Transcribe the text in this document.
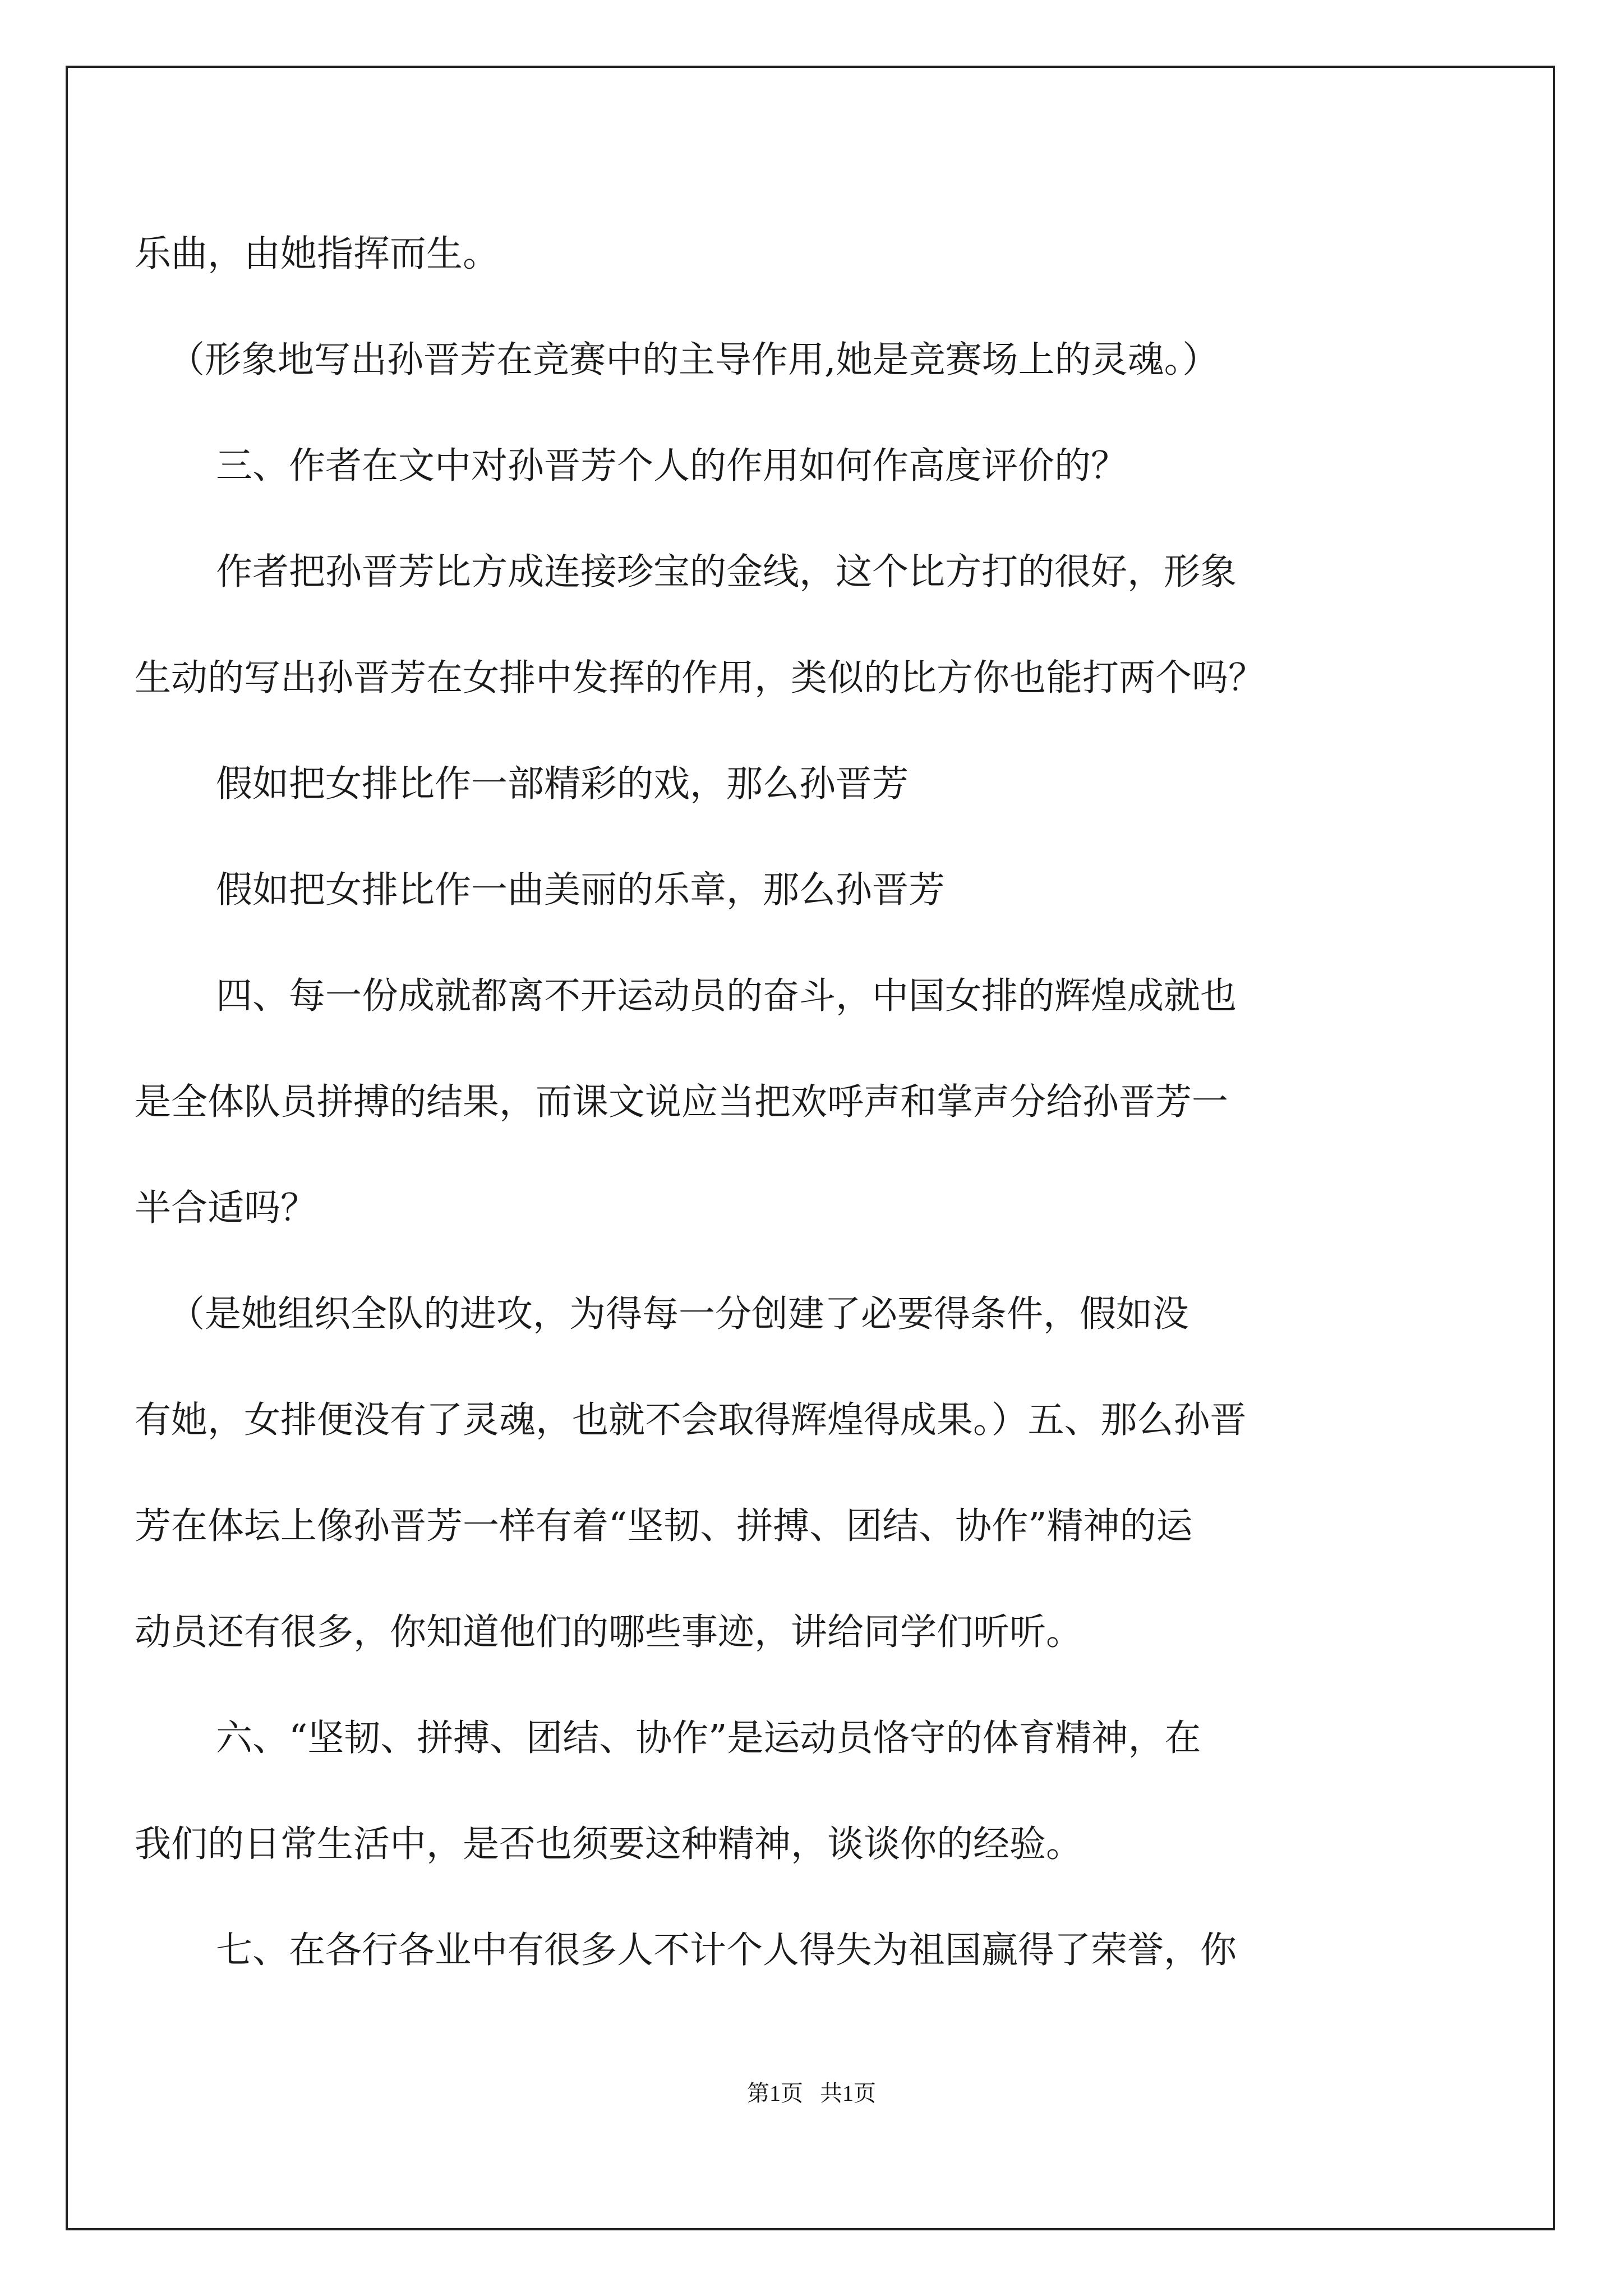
乐曲，由她指挥而生。
（形象地写出孙晋芳在竞赛中的主导作用,她是竞赛场上的灵魂。）
三、作者在文中对孙晋芳个人的作用如何作高度评价的？
作者把孙晋芳比方成连接珍宝的金线，这个比方打的很好，形象
生动的写出孙晋芳在女排中发挥的作用，类似的比方你也能打两个吗？
假如把女排比作一部精彩的戏，那么孙晋芳
假如把女排比作一曲美丽的乐章，那么孙晋芳
四、每一份成就都离不开运动员的奋斗，中国女排的辉煌成就也
是全体队员拼搏的结果，而课文说应当把欢呼声和掌声分给孙晋芳一
半合适吗？
（是她组织全队的进攻，为得每一分创建了必要得条件，假如没
有她，女排便没有了灵魂，也就不会取得辉煌得成果。）五、那么孙晋
芳在体坛上像孙晋芳一样有着“坚韧、拼搏、团结、协作”精神的运
动员还有很多，你知道他们的哪些事迹，讲给同学们听听。
六、“坚韧、拼搏、团结、协作”是运动员恪守的体育精神，在
我们的日常生活中，是否也须要这种精神，谈谈你的经验。
七、在各行各业中有很多人不计个人得失为祖国赢得了荣誉，你
第1页   共1页
